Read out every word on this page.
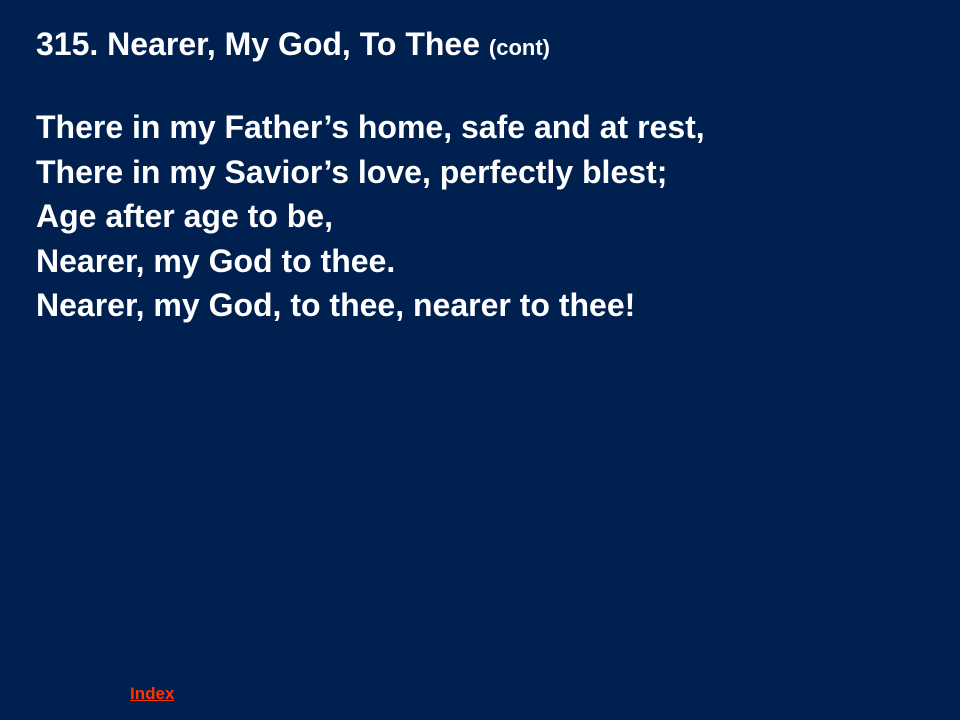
315. Nearer, My God, To Thee (cont)
There in my Father’s home, safe and at rest,
There in my Savior’s love, perfectly blest;
Age after age to be,
Nearer, my God to thee.
Nearer, my God, to thee, nearer to thee!
Index
